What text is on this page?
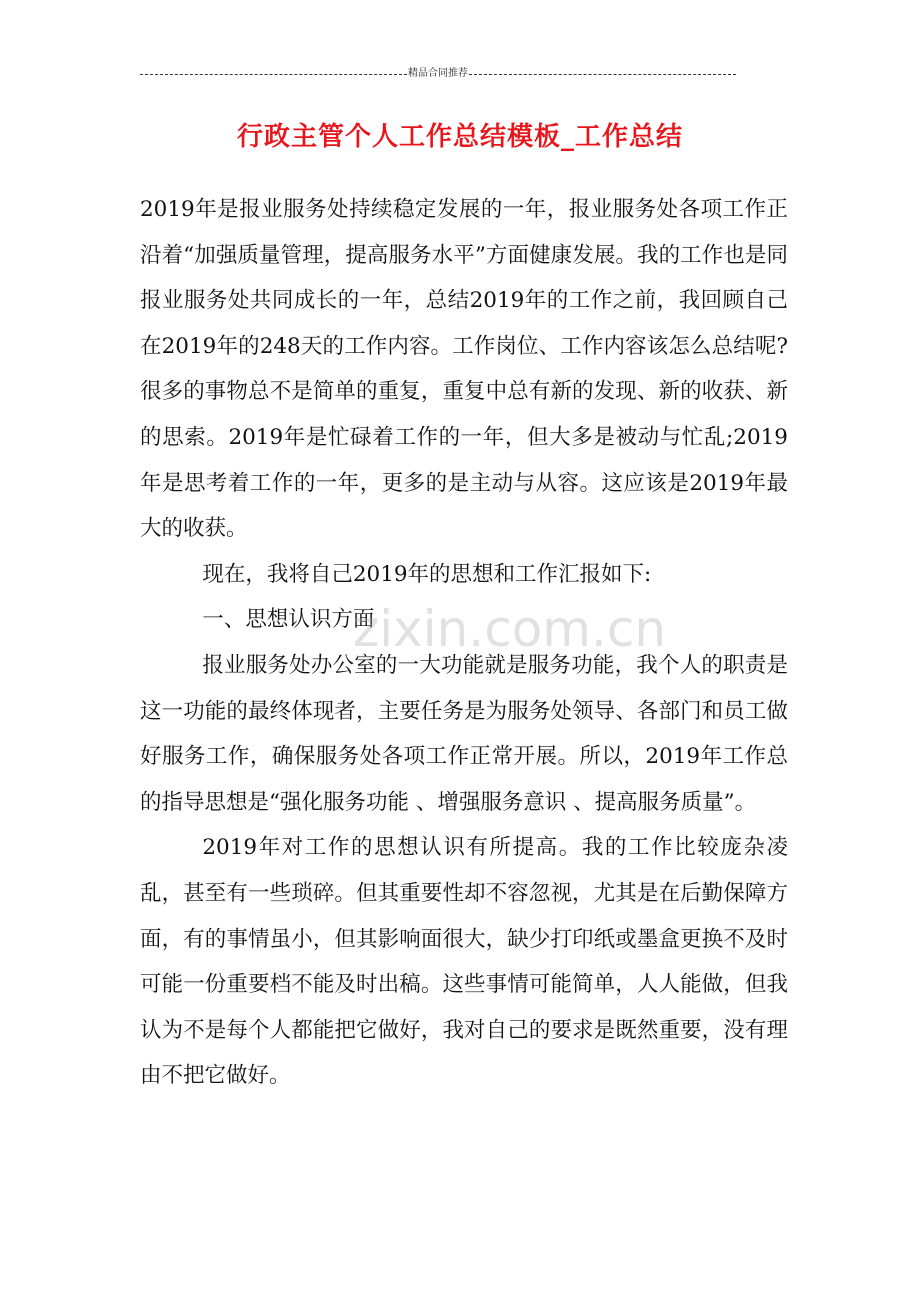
精品合同推荐
行政主管个人工作总结模板_工作总结

2019年是报业服务处持续稳定发展的一年，报业服务处各项工作正沿着“加强质量管理，提高服务水平”方面健康发展。我的工作也是同报业服务处共同成长的一年，总结2019年的工作之前，我回顾自己在2019年的248天的工作内容。工作岗位、工作内容该怎么总结呢?很多的事物总不是简单的重复，重复中总有新的发现、新的收获、新的思索。2019年是忙碌着工作的一年，但大多是被动与忙乱;2019年是思考着工作的一年，更多的是主动与从容。这应该是2019年最大的收获。

现在，我将自己2019年的思想和工作汇报如下:

一、思想认识方面

报业服务处办公室的一大功能就是服务功能，我个人的职责是这一功能的最终体现者，主要任务是为服务处领导、各部门和员工做好服务工作，确保服务处各项工作正常开展。所以，2019年工作总的指导思想是“强化服务功能 、增强服务意识 、提高服务质量”。

2019年对工作的思想认识有所提高。我的工作比较庞杂凌乱，甚至有一些琐碎。但其重要性却不容忽视，尤其是在后勤保障方面，有的事情虽小，但其影响面很大，缺少打印纸或墨盒更换不及时可能一份重要档不能及时出稿。这些事情可能简单，人人能做，但我认为不是每个人都能把它做好，我对自己的要求是既然重要，没有理由不把它做好。

zixin.com.cn
